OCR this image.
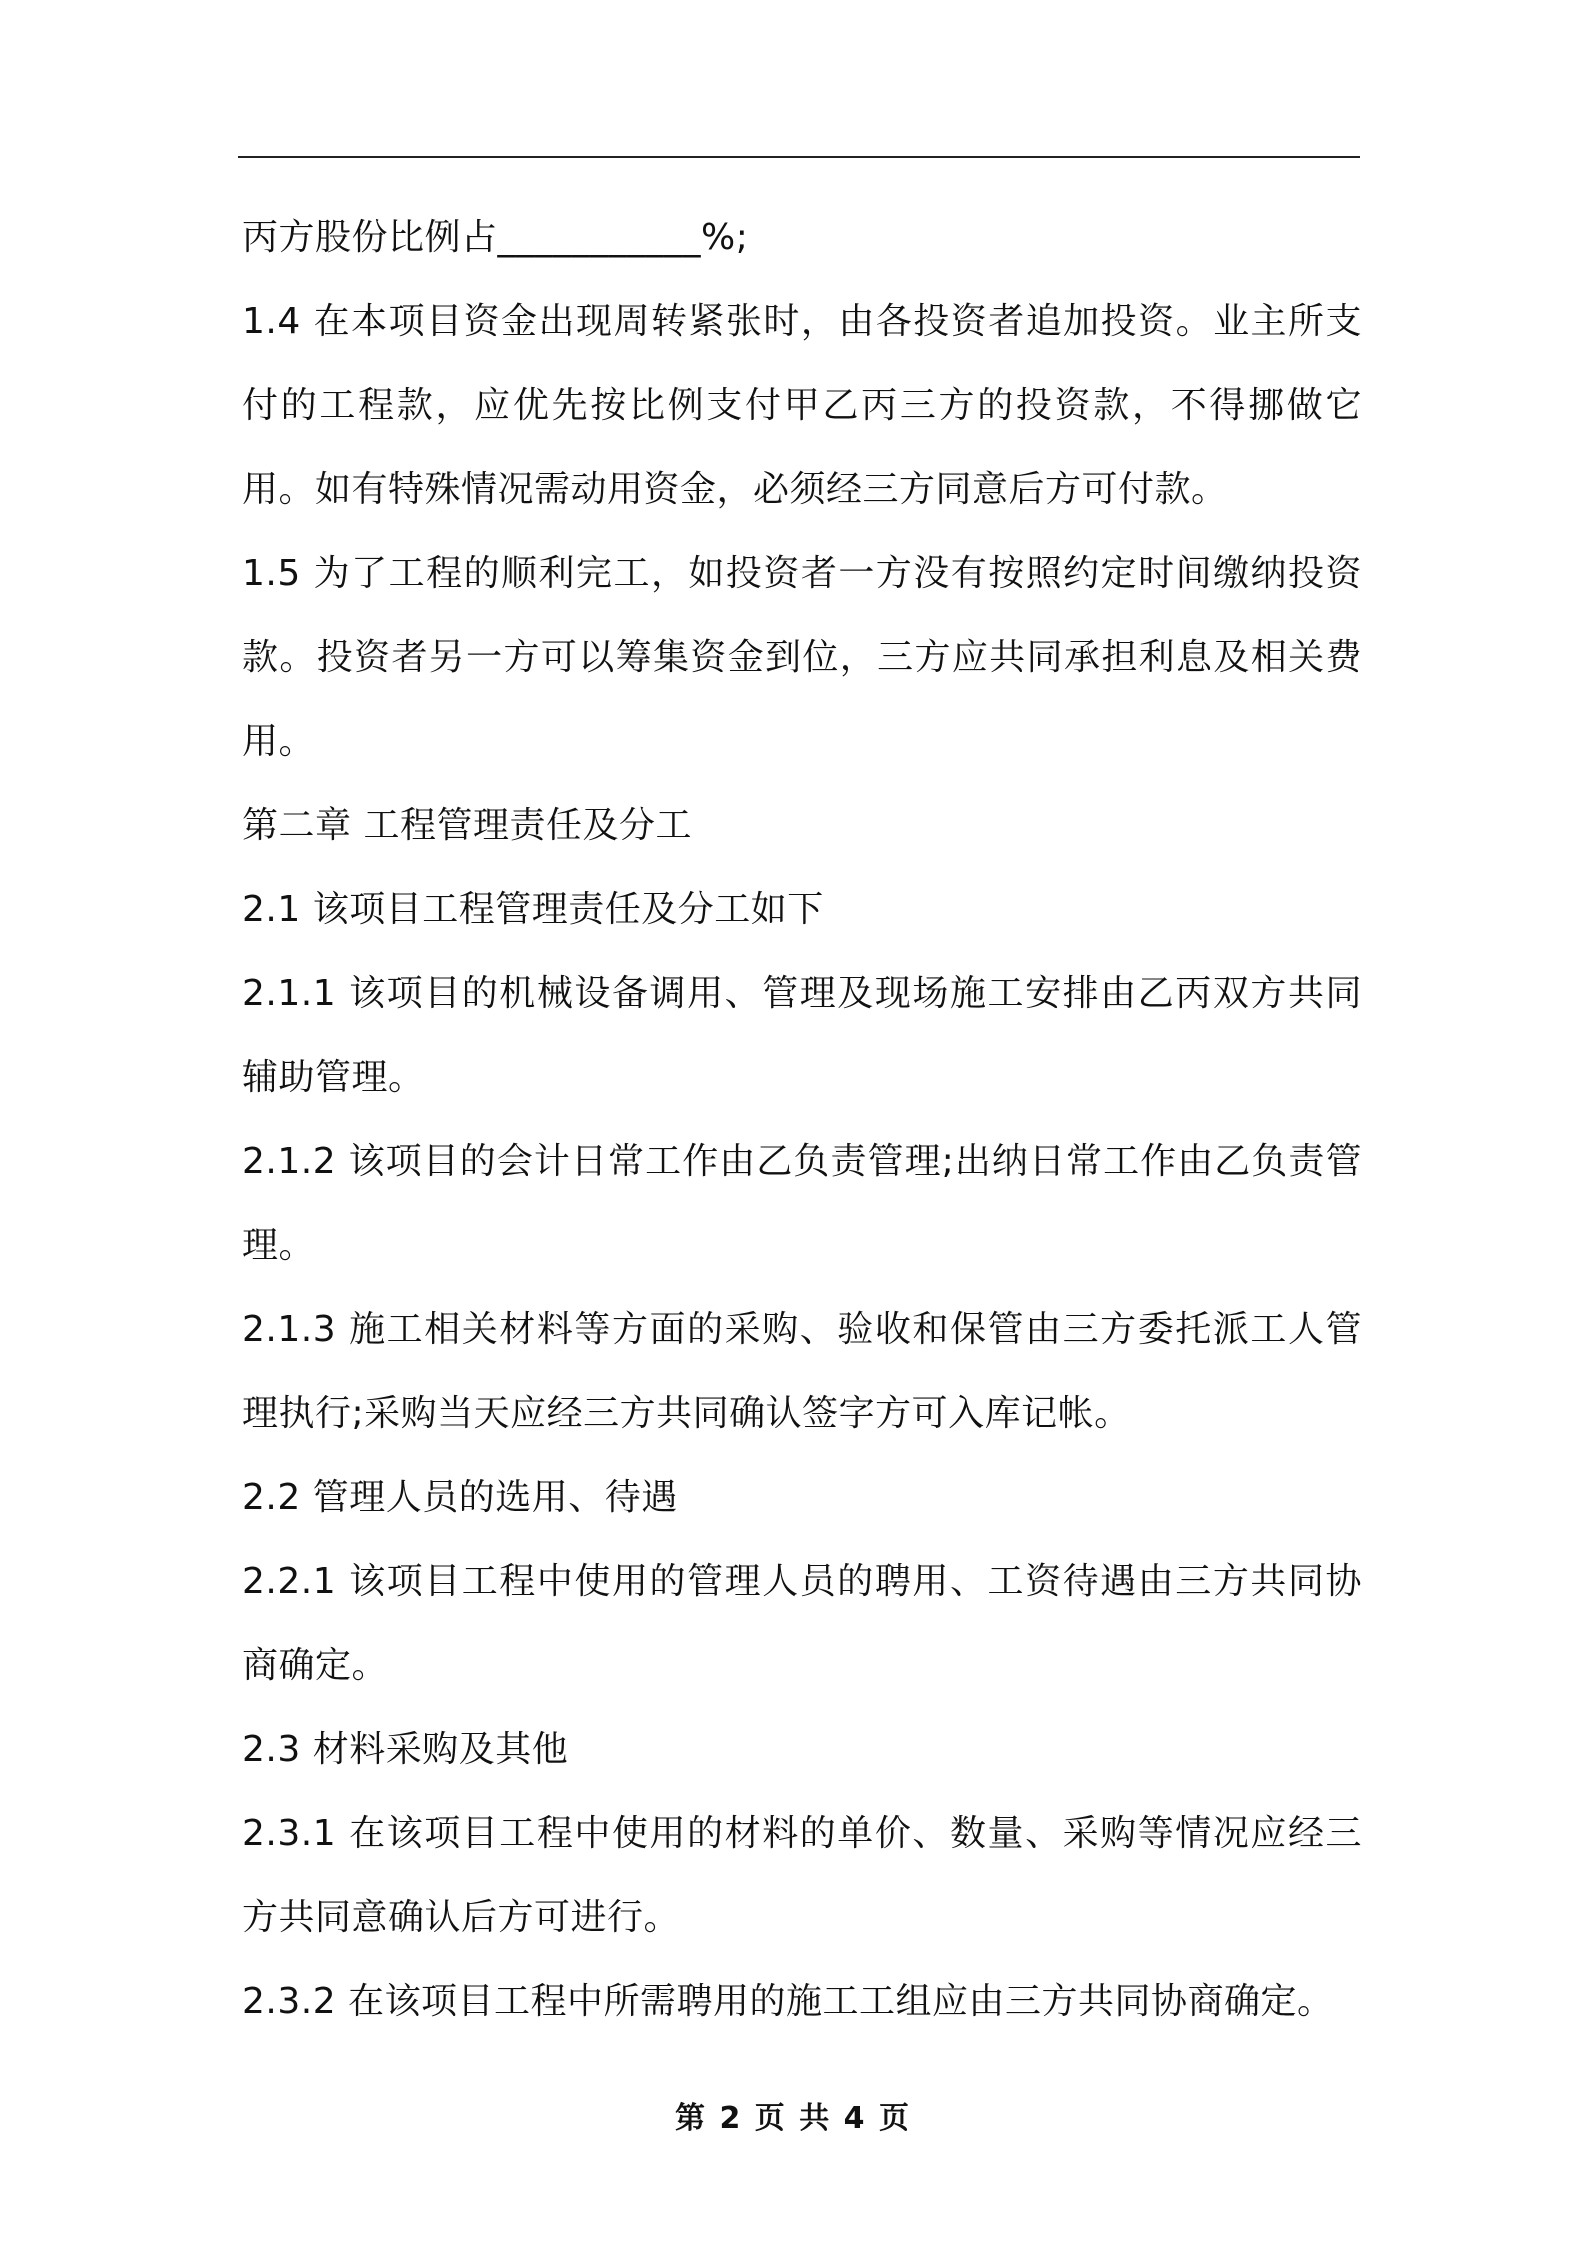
丙方股份比例占___________%;

1.4 在本项目资金出现周转紧张时，由各投资者追加投资。业主所支付的工程款，应优先按比例支付甲乙丙三方的投资款，不得挪做它用。如有特殊情况需动用资金，必须经三方同意后方可付款。

1.5 为了工程的顺利完工，如投资者一方没有按照约定时间缴纳投资款。投资者另一方可以筹集资金到位，三方应共同承担利息及相关费用。

第二章 工程管理责任及分工

2.1 该项目工程管理责任及分工如下

2.1.1 该项目的机械设备调用、管理及现场施工安排由乙丙双方共同辅助管理。

2.1.2 该项目的会计日常工作由乙负责管理;出纳日常工作由乙负责管理。

2.1.3 施工相关材料等方面的采购、验收和保管由三方委托派工人管理执行;采购当天应经三方共同确认签字方可入库记帐。

2.2 管理人员的选用、待遇

2.2.1 该项目工程中使用的管理人员的聘用、工资待遇由三方共同协商确定。

2.3 材料采购及其他

2.3.1 在该项目工程中使用的材料的单价、数量、采购等情况应经三方共同意确认后方可进行。

2.3.2 在该项目工程中所需聘用的施工工组应由三方共同协商确定。

第 2 页 共 4 页
